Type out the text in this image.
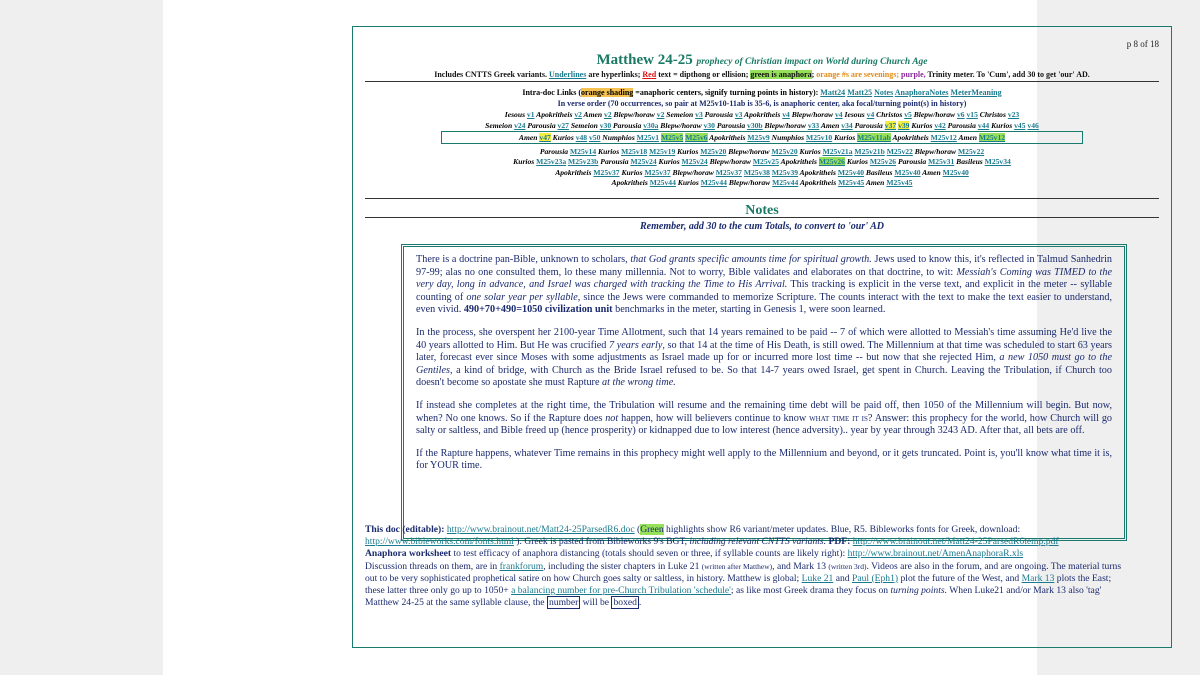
p 8 of 18
Matthew 24-25 prophecy of Christian impact on World during Church Age
Includes CNTTS Greek variants. Underlines are hyperlinks; Red text = dipthong or ellision; green is anaphora; orange #s are sevenings; purple, Trinity meter. To 'Cum', add 30 to get 'our' AD.
Intra-doc Links (orange shading =anaphoric centers, signify turning points in history): Matt24 Matt25 Notes AnaphoraNotes MeterMeaning
In verse order (70 occurrences, so pair at M25v10-11ab is 35-6, is anaphoric center, aka focal/turning point(s) in history)
Iesous v1 Apokritheis v2 Amen v2 Blepw/horaw v2 Semeion v3 Parousia v3 Apokritheis v4 Blepw/horaw v4 Iesous v4 Christos v5 Blepw/horaw v6 v15 Christos v23
Semeion v24 Parousia v27 Semeion v30 Parousia v30a Blepw/horaw v30 Parousia v30b Blepw/horaw v33 Amen v34 Parousia v37 v39 Kurios v42 Parousia v44 Kurios v45 v46
Amen v47 Kurios v48 v50 Numphios M25v1 M25v5 M25v6 Apokritheis M25v9 Numphios M25v10 Kurios M25v11ab Apokritheis M25v12 Amen M25v12
Parousia M25v14 Kurios M25v18 M25v19 Kurios M25v20 Blepw/horaw M25v20 Kurios M25v21a M25v21b M25v22 Blepw/horaw M25v22
Kurios M25v23a M25v23b Parousia M25v24 Kurios M25v24 Blepw/horaw M25v25 Apokritheis M25v26 Kurios M25v26 Parousia M25v31 Basileus M25v34
Apokritheis M25v37 Kurios M25v37 Blepw/horaw M25v37 M25v38 M25v39 Apokritheis M25v40 Basileus M25v40 Amen M25v40
Apokritheis M25v44 Kurios M25v44 Blepw/horaw M25v44 Apokritheis M25v45 Amen M25v45
Notes
Remember, add 30 to the cum Totals, to convert to 'our' AD

There is a doctrine pan-Bible, unknown to scholars, that God grants specific amounts time for spiritual growth. Jews used to know this, it's reflected in Talmud Sanhedrin 97-99; alas no one consulted them, lo these many millennia. Not to worry, Bible validates and elaborates on that doctrine, to wit: Messiah's Coming was TIMED to the very day, long in advance, and Israel was charged with tracking the Time to His Arrival. This tracking is explicit in the verse text, and explicit in the meter -- syllable counting of one solar year per syllable, since the Jews were commanded to memorize Scripture. The counts interact with the text to make the text easier to understand, even vivid. 490+70+490=1050 civilization unit benchmarks in the meter, starting in Genesis 1, were soon learned.

In the process, she overspent her 2100-year Time Allotment, such that 14 years remained to be paid -- 7 of which were allotted to Messiah's time assuming He'd live the 40 years allotted to Him. But He was crucified 7 years early, so that 14 at the time of His Death, is still owed. The Millennium at that time was scheduled to start 63 years later, forecast ever since Moses with some adjustments as Israel made up for or incurred more lost time -- but now that she rejected Him, a new 1050 must go to the Gentiles, a kind of bridge, with Church as the Bride Israel refused to be. So that 14-7 years owed Israel, get spent in Church. Leaving the Tribulation, if Church too doesn't become so apostate she must Rapture at the wrong time.

If instead she completes at the right time, the Tribulation will resume and the remaining time debt will be paid off, then 1050 of the Millennium will begin. But now, when? No one knows. So if the Rapture does not happen, how will believers continue to know what time it is? Answer: this prophecy for the world, how Church will go salty or saltless, and Bible freed up (hence prosperity) or kidnapped due to low interest (hence adversity).. year by year through 3243 AD. After that, all bets are off.

If the Rapture happens, whatever Time remains in this prophecy might well apply to the Millennium and beyond, or it gets truncated. Point is, you'll know what time it is, for YOUR time.

This doc (editable): http://www.brainout.net/Matt24-25ParsedR6.doc (Green highlights show R6 variant/meter updates. Blue, R5. Bibleworks fonts for Greek, download: http://www.bibleworks.com/fonts.html ). Greek is pasted from Bibleworks 9's BGT, including relevant CNTTS variants. PDF: http://www.brainout.net/Matt24-25ParsedR6temp.pdf
Anaphora worksheet to test efficacy of anaphora distancing (totals should seven or three, if syllable counts are likely right): http://www.brainout.net/AmenAnaphoraR.xls
Discussion threads on them, are in frankforum, including the sister chapters in Luke 21 (written after Matthew), and Mark 13 (written 3rd). Videos are also in the forum, and are ongoing. The material turns out to be very sophisticated prophetical satire on how Church goes salty or saltless, in history. Matthew is global; Luke 21 and Paul (Eph1) plot the future of the West, and Mark 13 plots the East; these latter three only go up to 1050+ a balancing number for pre-Church Tribulation 'schedule'; as like most Greek drama they focus on turning points. When Luke21 and/or Mark 13 also 'tag' Matthew 24-25 at the same syllable clause, the number will be boxed .
